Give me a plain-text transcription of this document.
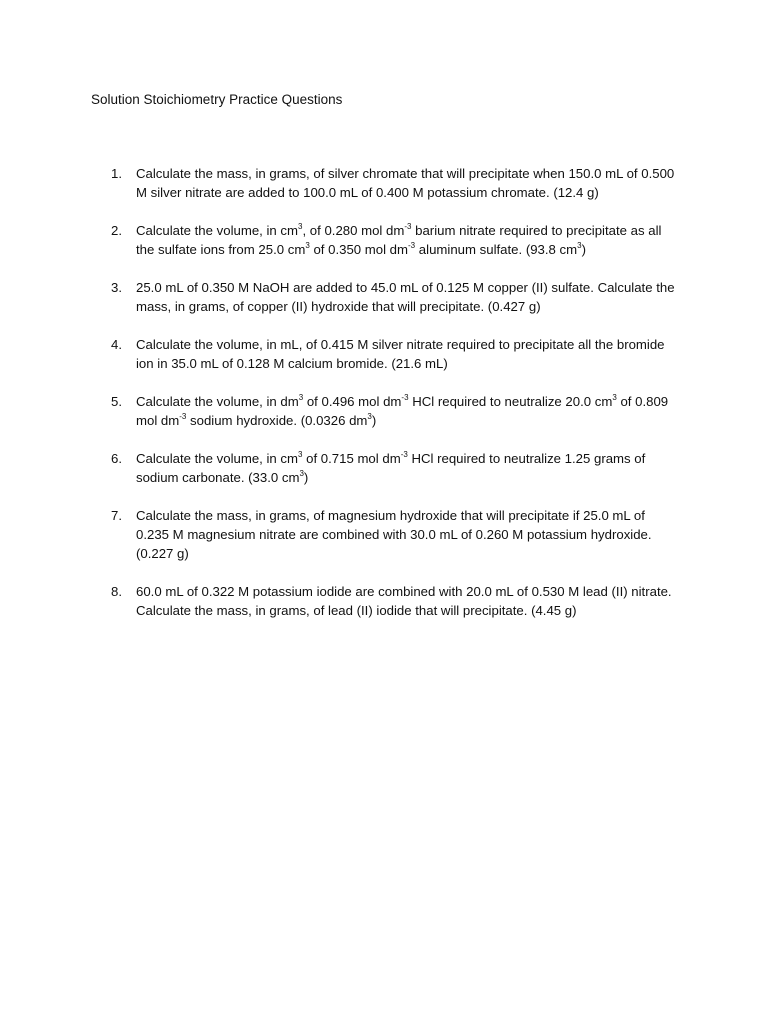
Solution Stoichiometry Practice Questions
1.	Calculate the mass, in grams, of silver chromate that will precipitate when 150.0 mL of 0.500 M silver nitrate are added to 100.0 mL of 0.400 M potassium chromate. (12.4 g)
2.	Calculate the volume, in $cm^3$, of 0.280 mol $dm^{-3}$ barium nitrate required to precipitate as all the sulfate ions from 25.0 $cm^3$ of 0.350 mol $dm^{-3}$ aluminum sulfate. (93.8 $cm^3$)
3.	25.0 mL of 0.350 M NaOH are added to 45.0 mL of 0.125 M copper (II) sulfate. Calculate the mass, in grams, of copper (II) hydroxide that will precipitate. (0.427 g)
4.	Calculate the volume, in mL, of 0.415 M silver nitrate required to precipitate all the bromide ion in 35.0 mL of 0.128 M calcium bromide. (21.6 mL)
5.	Calculate the volume, in $dm^3$ of 0.496 mol $dm^{-3}$ HCl required to neutralize 20.0 $cm^3$ of 0.809 mol $dm^{-3}$ sodium hydroxide. (0.0326 $dm^3$)
6.	Calculate the volume, in $cm^3$ of 0.715 mol $dm^{-3}$ HCl required to neutralize 1.25 grams of sodium carbonate. (33.0 $cm^3$)
7.	Calculate the mass, in grams, of magnesium hydroxide that will precipitate if 25.0 mL of 0.235 M magnesium nitrate are combined with 30.0 mL of 0.260 M potassium hydroxide. (0.227 g)
8.	60.0 mL of 0.322 M potassium iodide are combined with 20.0 mL of 0.530 M lead (II) nitrate. Calculate the mass, in grams, of lead (II) iodide that will precipitate. (4.45 g)
